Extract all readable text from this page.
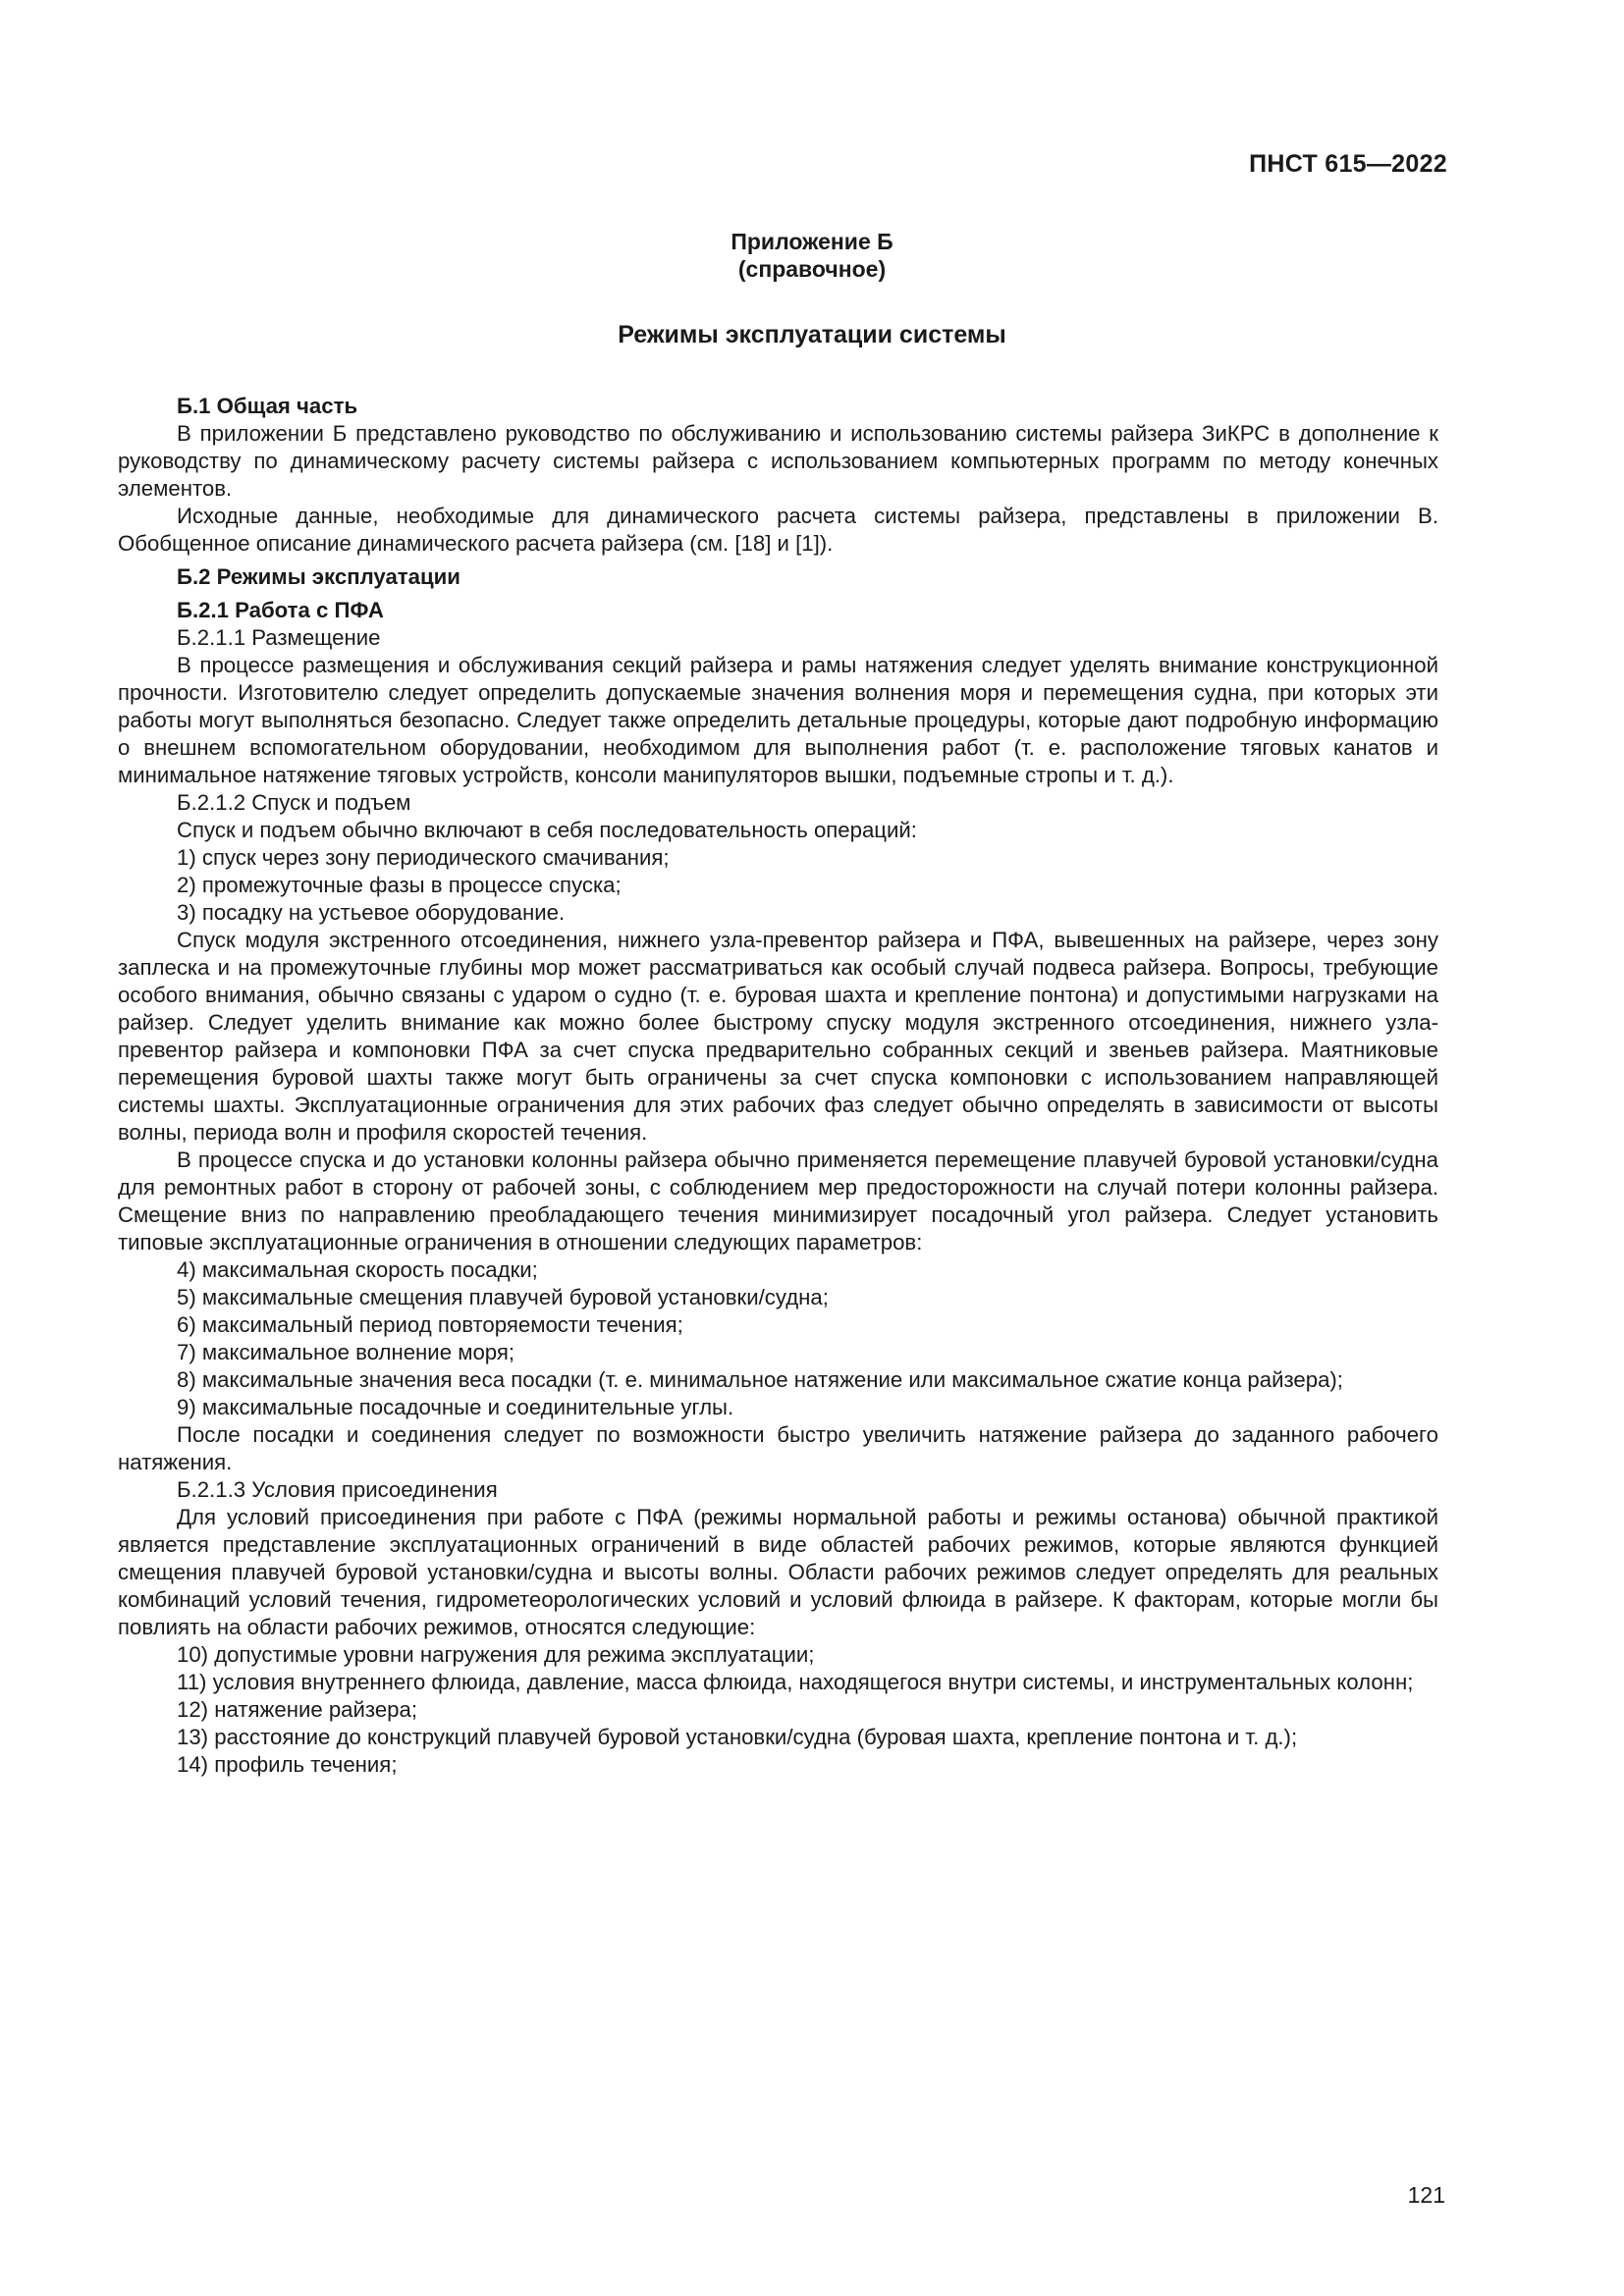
ПНСТ 615—2022
Приложение Б
(справочное)
Режимы эксплуатации системы

Б.1 Общая часть

В приложении Б представлено руководство по обслуживанию и использованию системы райзера ЗиКРС в дополнение к руководству по динамическому расчету системы райзера с использованием компьютерных программ по методу конечных элементов.

Исходные данные, необходимые для динамического расчета системы райзера, представлены в приложении В. Обобщенное описание динамического расчета райзера (см. [18] и [1]).

Б.2 Режимы эксплуатации

Б.2.1 Работа с ПФА

Б.2.1.1 Размещение

В процессе размещения и обслуживания секций райзера и рамы натяжения следует уделять внимание конструкционной прочности. Изготовителю следует определить допускаемые значения волнения моря и перемещения судна, при которых эти работы могут выполняться безопасно. Следует также определить детальные процедуры, которые дают подробную информацию о внешнем вспомогательном оборудовании, необходимом для выполнения работ (т. е. расположение тяговых канатов и минимальное натяжение тяговых устройств, консоли манипуляторов вышки, подъемные стропы и т. д.).

Б.2.1.2 Спуск и подъем

Спуск и подъем обычно включают в себя последовательность операций:

1) спуск через зону периодического смачивания;

2) промежуточные фазы в процессе спуска;

3) посадку на устьевое оборудование.

Спуск модуля экстренного отсоединения, нижнего узла-превентор райзера и ПФА, вывешенных на райзере, через зону заплеска и на промежуточные глубины мор может рассматриваться как особый случай подвеса райзера. Вопросы, требующие особого внимания, обычно связаны с ударом о судно (т. е. буровая шахта и крепление понтона) и допустимыми нагрузками на райзер. Следует уделить внимание как можно более быстрому спуску модуля экстренного отсоединения, нижнего узла-превентор райзера и компоновки ПФА за счет спуска предварительно собранных секций и звеньев райзера. Маятниковые перемещения буровой шахты также могут быть ограничены за счет спуска компоновки с использованием направляющей системы шахты. Эксплуатационные ограничения для этих рабочих фаз следует обычно определять в зависимости от высоты волны, периода волн и профиля скоростей течения.

В процессе спуска и до установки колонны райзера обычно применяется перемещение плавучей буровой установки/судна для ремонтных работ в сторону от рабочей зоны, с соблюдением мер предосторожности на случай потери колонны райзера. Смещение вниз по направлению преобладающего течения минимизирует посадочный угол райзера. Следует установить типовые эксплуатационные ограничения в отношении следующих параметров:

4) максимальная скорость посадки;

5) максимальные смещения плавучей буровой установки/судна;

6) максимальный период повторяемости течения;

7) максимальное волнение моря;

8) максимальные значения веса посадки (т. е. минимальное натяжение или максимальное сжатие конца райзера);

9) максимальные посадочные и соединительные углы.

После посадки и соединения следует по возможности быстро увеличить натяжение райзера до заданного рабочего натяжения.

Б.2.1.3 Условия присоединения

Для условий присоединения при работе с ПФА (режимы нормальной работы и режимы останова) обычной практикой является представление эксплуатационных ограничений в виде областей рабочих режимов, которые являются функцией смещения плавучей буровой установки/судна и высоты волны. Области рабочих режимов следует определять для реальных комбинаций условий течения, гидрометеорологических условий и условий флюида в райзере. К факторам, которые могли бы повлиять на области рабочих режимов, относятся следующие:

10) допустимые уровни нагружения для режима эксплуатации;

11) условия внутреннего флюида, давление, масса флюида, находящегося внутри системы, и инструментальных колонн;

12) натяжение райзера;

13) расстояние до конструкций плавучей буровой установки/судна (буровая шахта, крепление понтона и т. д.);

14) профиль течения;

121
